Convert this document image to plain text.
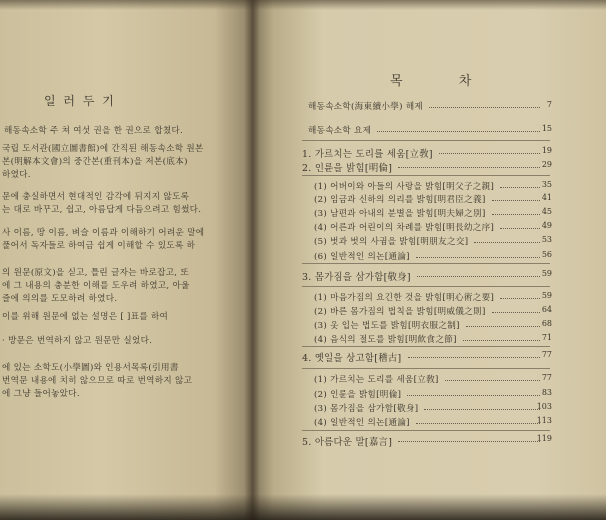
일 러 두 기
해동속소학 주 쳐 여섯 권을 한 권으로 합쳤다.
국립 도서관(國立圖書館)에 간직된 해동속소학 원본
본(明解本文會)의 중간본(重刊本)을 저본(底本)
하였다.
문에 충실하면서 현대적인 감각에 뒤지지 않도록
는 대로 바꾸고, 쉽고, 아름답게 다듬으려고 힘썼다.
사 이름, 땅 이름, 벼슬 이름과 이해하기 어려운 말에
풀어서 독자들로 하여금 쉽게 이해할 수 있도록 하
의 원문(原文)을 싣고, 틀린 글자는 바로잡고, 또
에 그 내용의 충분한 이해를 도우려 하였고, 아울
즐에 의의를 도모하려 하였다.
이를 위해 원문에 없는 설명은 [ ]표를 하여
· 방문은 번역하지 않고 원문만 실었다.
에 있는 소학도(小學圖)와 인용서목록(引用書
번역문 내용에 치히 않으므로 따로 번역하지 않고
에 그냥 들어놓았다.
목 차
해동속소학(海東續小學) 해제	7
해동속소학 요제	15
1. 가르치는 도리를 세움[立敎]	19
2. 인륜을 밝힘[明倫]	29
(1) 어버이와 아들의 사랑을 밝힘[明父子之親]	35
(2) 임금과 신하의 의리를 밝힘[明君臣之義]	41
(3) 남편과 아내의 분별을 밝힘[明夫婦之別]	45
(4) 어른과 어린이의 차례를 밝힘[明長幼之序]	49
(5) 벗과 벗의 사귐을 밝힘[明朋友之交]	53
(6) 일반적인 의논[通論]	56
3. 몸가짐을 삼가함[敬身]	59
(1) 마음가짐의 요긴한 것을 밝힘[明心術之要]	59
(2) 바른 몸가짐의 법칙을 밝힘[明威儀之則]	64
(3) 옷 입는 법도를 밝힘[明衣服之制]	68
(4) 음식의 절도를 밝힘[明飮食之節]	71
4. 옛일을 상고함[稽古]	77
(1) 가르치는 도리를 세움[立敎]	77
(2) 인륜을 밝힘[明倫]	83
(3) 몸가짐을 삼가함[敬身]	103
(4) 일반적인 의논[通論]	113
5. 아름다운 말[嘉言]	119
